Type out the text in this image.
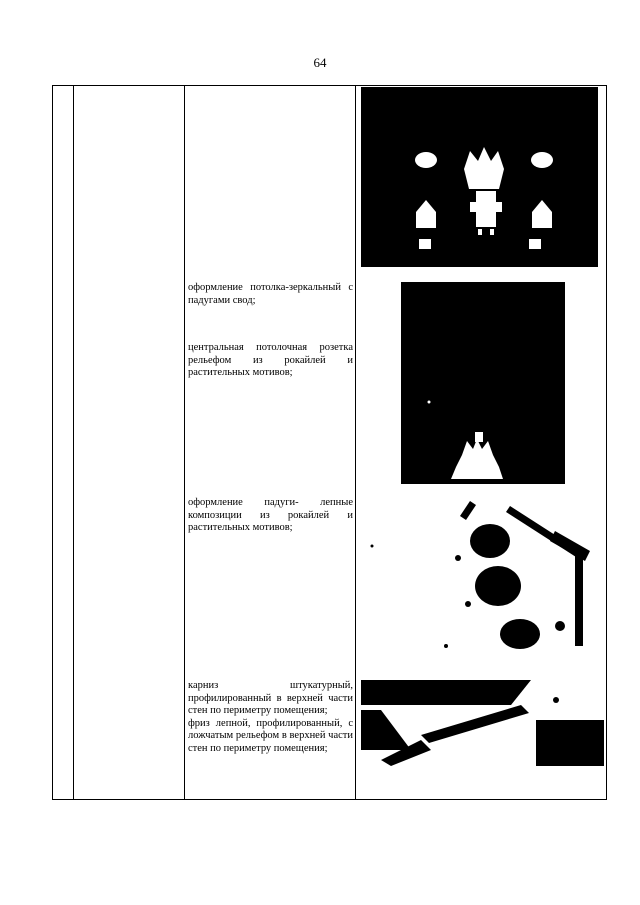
64

оформление потолка-зеркальный с падугами свод;

центральная потолочная розетка рельефом из рокайлей и растительных мотивов;

оформление падуги- лепные композиции из рокайлей и растительных мотивов;

карниз штукатурный, профилированный в верхней части стен по периметру помещения;

фриз лепной, профилированный, с ложчатым рельефом в верхней части стен по периметру помещения;
